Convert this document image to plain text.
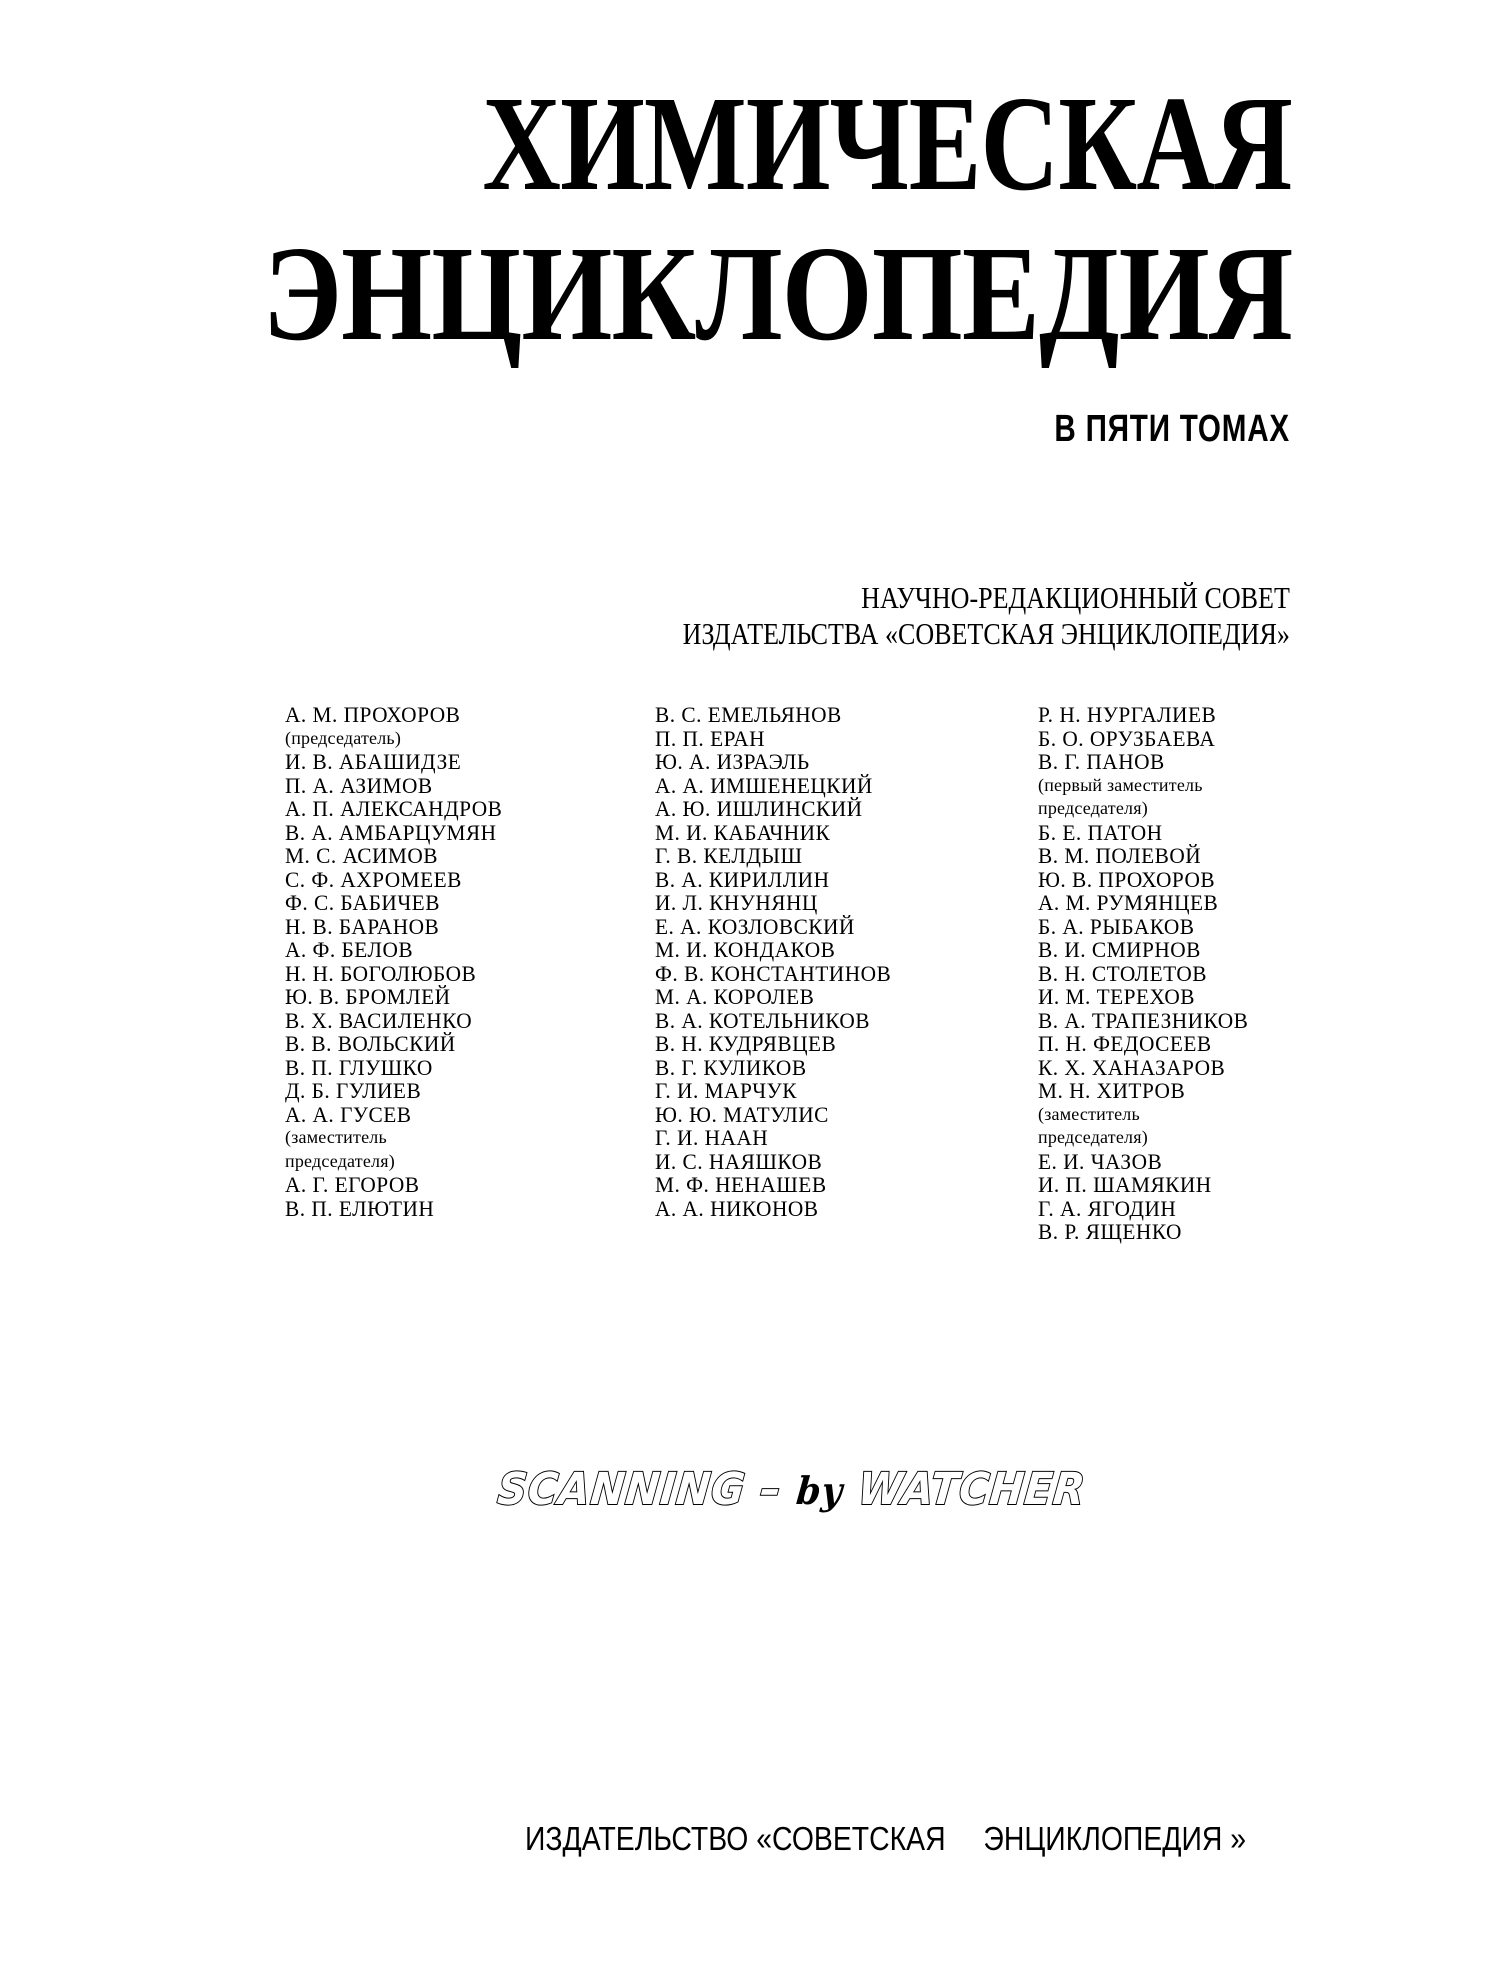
ХИМИЧЕСКАЯ
ЭНЦИКЛОПЕДИЯ
В ПЯТИ ТОМАХ
НАУЧНО-РЕДАКЦИОННЫЙ СОВЕТ
ИЗДАТЕЛЬСТВА «СОВЕТСКАЯ ЭНЦИКЛОПЕДИЯ»
А. М. ПРОХОРОВ
(председатель)
И. В. АБАШИДЗЕ
П. А. АЗИМОВ
А. П. АЛЕКСАНДРОВ
В. А. АМБАРЦУМЯН
М. С. АСИМОВ
С. Ф. АХРОМЕЕВ
Ф. С. БАБИЧЕВ
Н. В. БАРАНОВ
А. Ф. БЕЛОВ
Н. Н. БОГОЛЮБОВ
Ю. В. БРОМЛЕЙ
В. Х. ВАСИЛЕНКО
В. В. ВОЛЬСКИЙ
В. П. ГЛУШКО
Д. Б. ГУЛИЕВ
А. А. ГУСЕВ
(заместитель
председателя)
А. Г. ЕГОРОВ
В. П. ЕЛЮТИН
В. С. ЕМЕЛЬЯНОВ
П. П. ЕРАН
Ю. А. ИЗРАЭЛЬ
А. А. ИМШЕНЕЦКИЙ
А. Ю. ИШЛИНСКИЙ
М. И. КАБАЧНИК
Г. В. КЕЛДЫШ
В. А. КИРИЛЛИН
И. Л. КНУНЯНЦ
Е. А. КОЗЛОВСКИЙ
М. И. КОНДАКОВ
Ф. В. КОНСТАНТИНОВ
М. А. КОРОЛЕВ
В. А. КОТЕЛЬНИКОВ
В. Н. КУДРЯВЦЕВ
В. Г. КУЛИКОВ
Г. И. МАРЧУК
Ю. Ю. МАТУЛИС
Г. И. НААН
И. С. НАЯШКОВ
М. Ф. НЕНАШЕВ
А. А. НИКОНОВ
Р. Н. НУРГАЛИЕВ
Б. О. ОРУЗБАЕВА
В. Г. ПАНОВ
(первый заместитель
председателя)
Б. Е. ПАТОН
В. М. ПОЛЕВОЙ
Ю. В. ПРОХОРОВ
А. М. РУМЯНЦЕВ
Б. А. РЫБАКОВ
В. И. СМИРНОВ
В. Н. СТОЛЕТОВ
И. М. ТЕРЕХОВ
В. А. ТРАПЕЗНИКОВ
П. Н. ФЕДОСЕЕВ
К. Х. ХАНАЗАРОВ
М. Н. ХИТРОВ
(заместитель
председателя)
Е. И. ЧАЗОВ
И. П. ШАМЯКИН
Г. А. ЯГОДИН
В. Р. ЯЩЕНКО
SCANNING – by WATCHER
ИЗДАТЕЛЬСТВО «СОВЕТСКАЯ ЭНЦИКЛОПЕДИЯ »
